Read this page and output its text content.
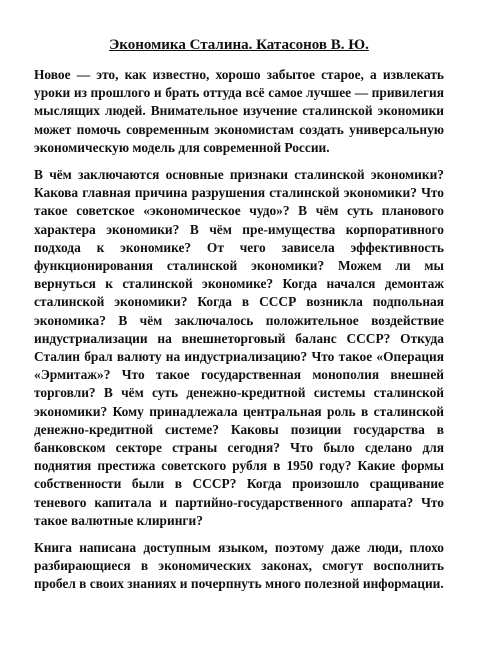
Экономика Сталина. Катасонов В. Ю.

Новое — это, как известно, хорошо забытое старое, а извлекать уроки из прошлого и брать оттуда всё самое лучшее — привилегия мыслящих людей. Внимательное изучение сталинской экономики может помочь современным экономистам создать универсальную экономическую модель для современной России.

В чём заключаются основные признаки сталинской экономики? Какова главная причина разрушения сталинской экономики? Что такое советское «экономическое чудо»? В чём суть планового характера экономики? В чём пре-имущества корпоративного подхода к экономике? От чего зависела эффективность функционирования сталинской экономики? Можем ли мы вернуться к сталинской экономике? Когда начался демонтаж сталинской экономики? Когда в СССР возникла подпольная экономика? В чём заключалось положительное воздействие индустриализации на внешнеторговый баланс СССР? Откуда Сталин брал валюту на индустриализацию? Что такое «Операция «Эрмитаж»? Что такое государственная монополия внешней торговли? В чём суть денежно-кредитной системы сталинской экономики? Кому принадлежала центральная роль в сталинской денежно-кредитной системе? Каковы позиции государства в банковском секторе страны сегодня? Что было сделано для поднятия престижа советского рубля в 1950 году? Какие формы собственности были в СССР? Когда произошло сращивание теневого капитала и партийно-государственного аппарата? Что такое валютные клиринги?

Книга написана доступным языком, поэтому даже люди, плохо разбирающиеся в экономических законах, смогут восполнить пробел в своих знаниях и почерпнуть много полезной информации.
